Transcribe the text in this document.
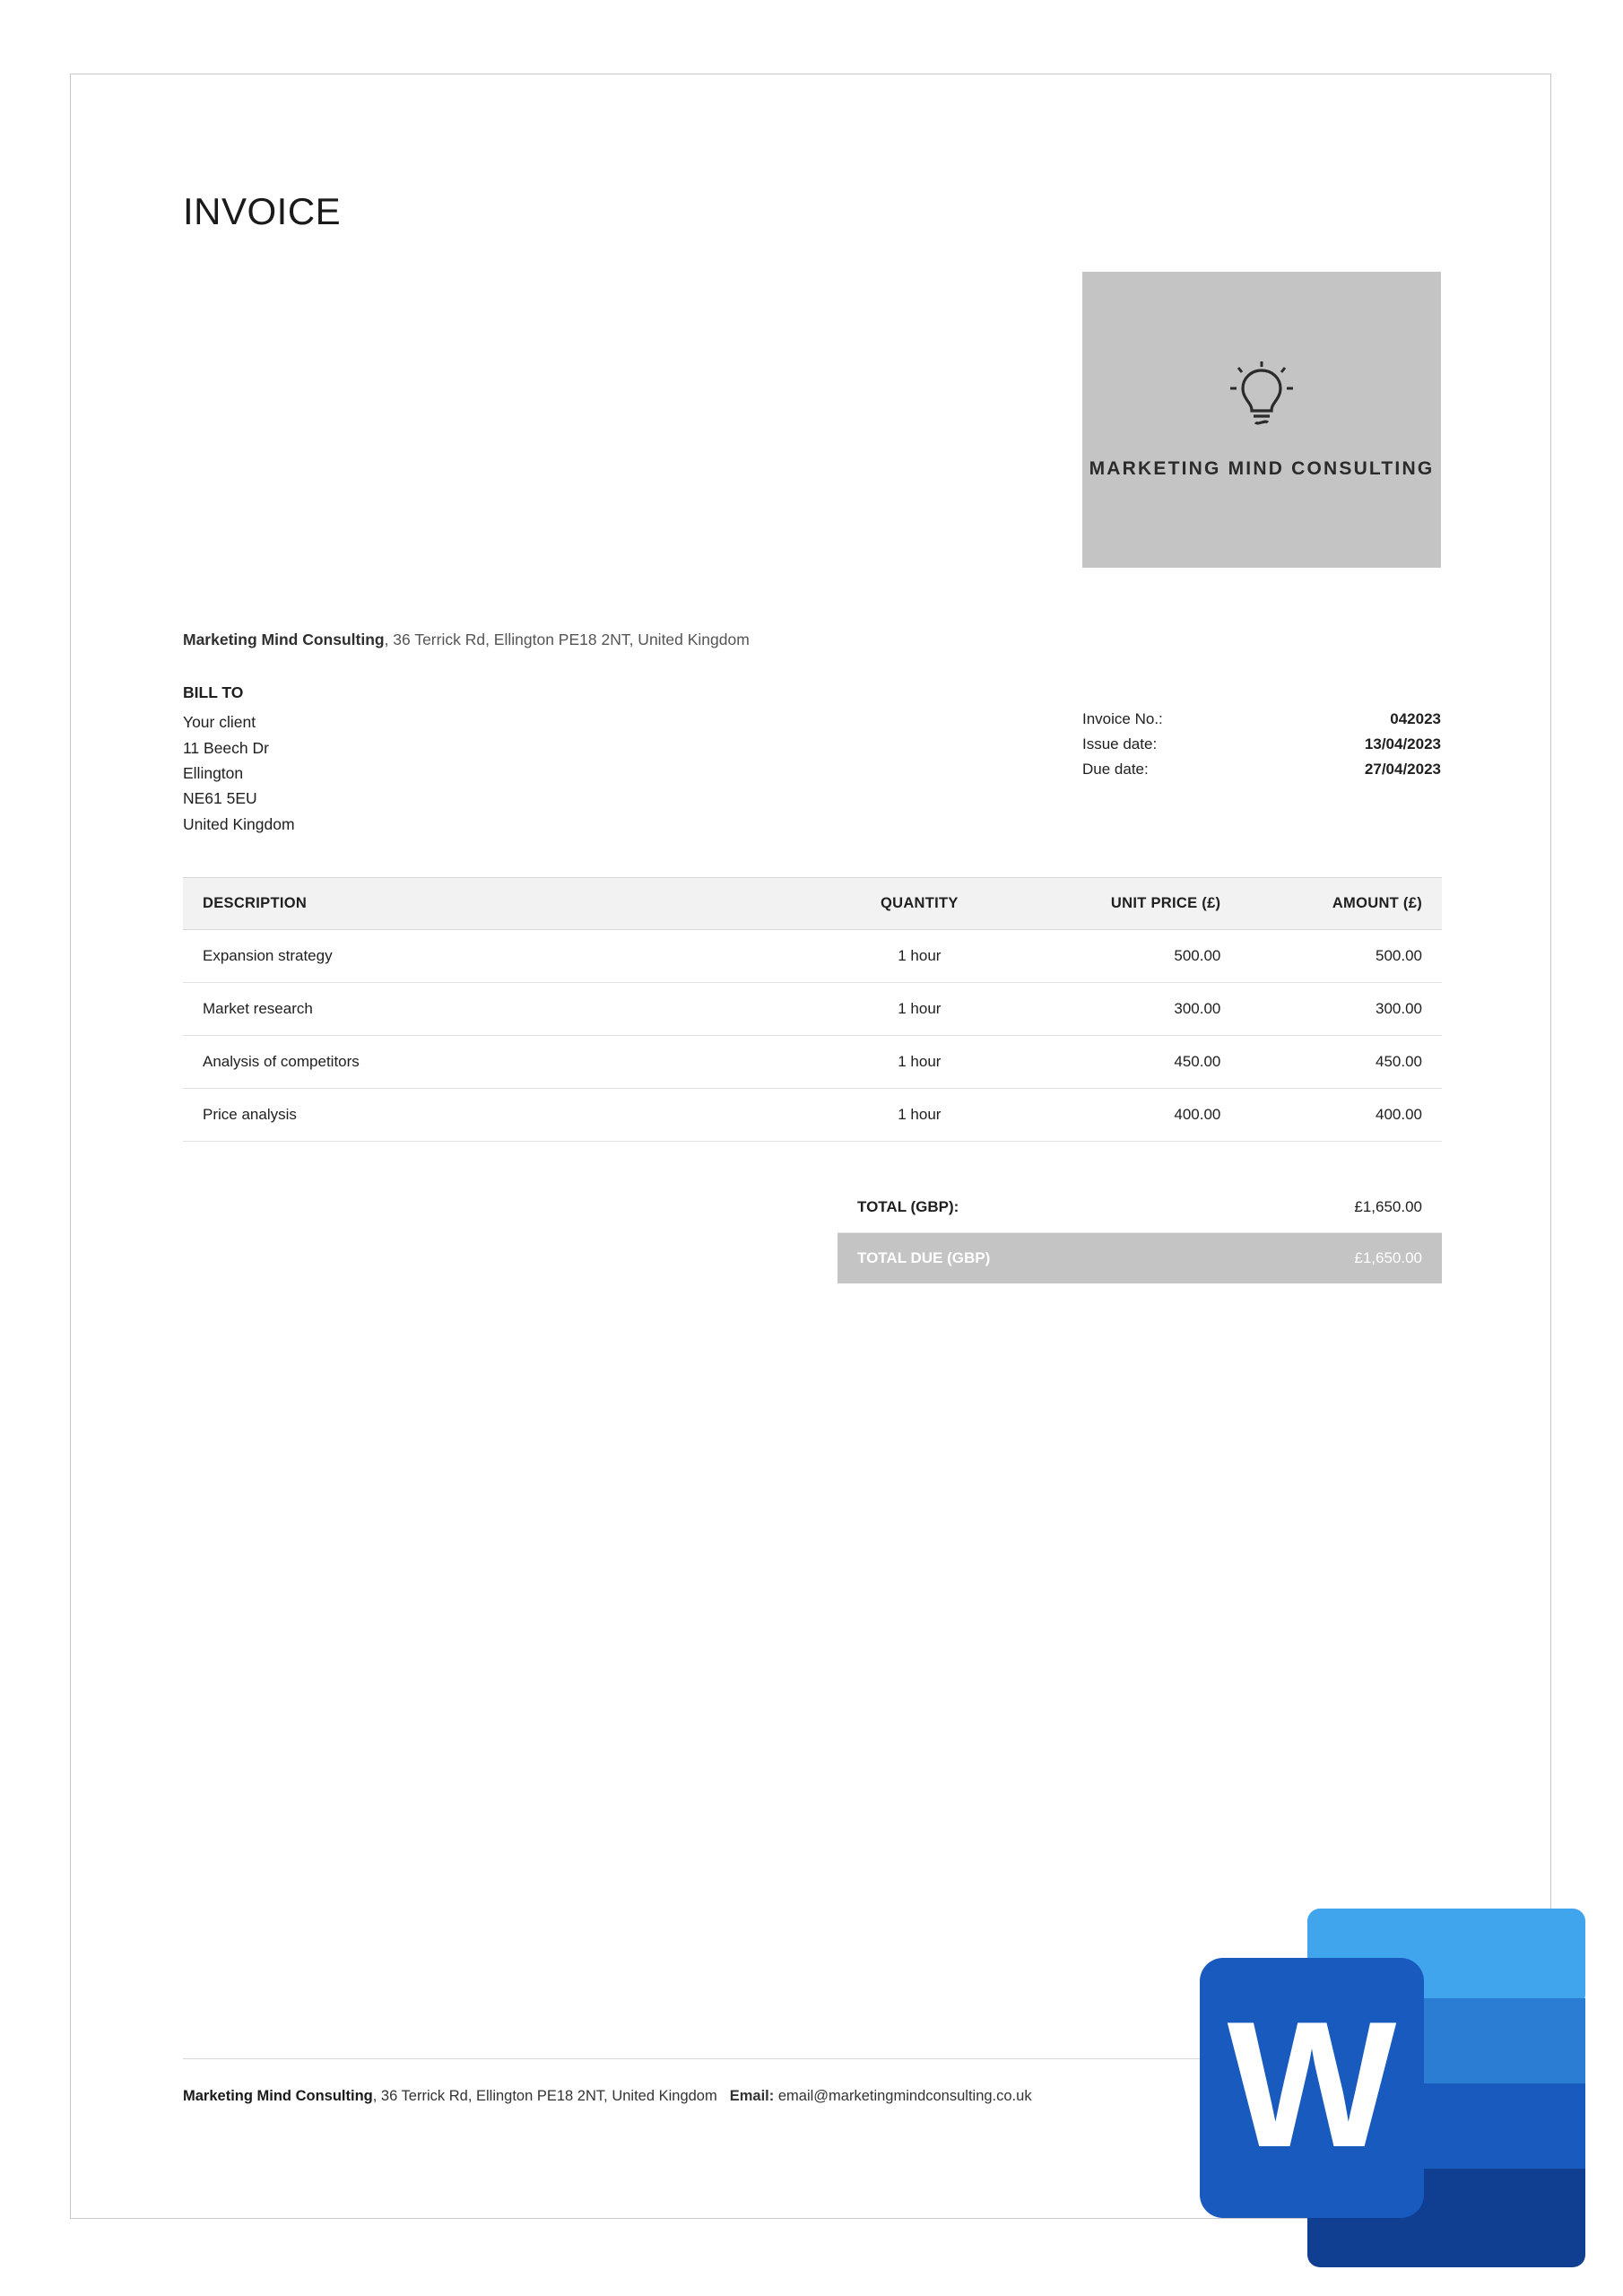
INVOICE
MARKETING MIND CONSULTING
Marketing Mind Consulting, 36 Terrick Rd, Ellington PE18 2NT, United Kingdom
BILL TO
Your client
11 Beech Dr
Ellington
NE61 5EU
United Kingdom
Invoice No.:	042023
Issue date:	13/04/2023
Due date:	27/04/2023
DESCRIPTION	QUANTITY	UNIT PRICE (£)	AMOUNT (£)
Expansion strategy	1 hour	500.00	500.00
Market research	1 hour	300.00	300.00
Analysis of competitors	1 hour	450.00	450.00
Price analysis	1 hour	400.00	400.00
TOTAL (GBP):	£1,650.00
TOTAL DUE (GBP)	£1,650.00
Marketing Mind Consulting, 36 Terrick Rd, Ellington PE18 2NT, United Kingdom Email: email@marketingmindconsulting.co.uk	W
